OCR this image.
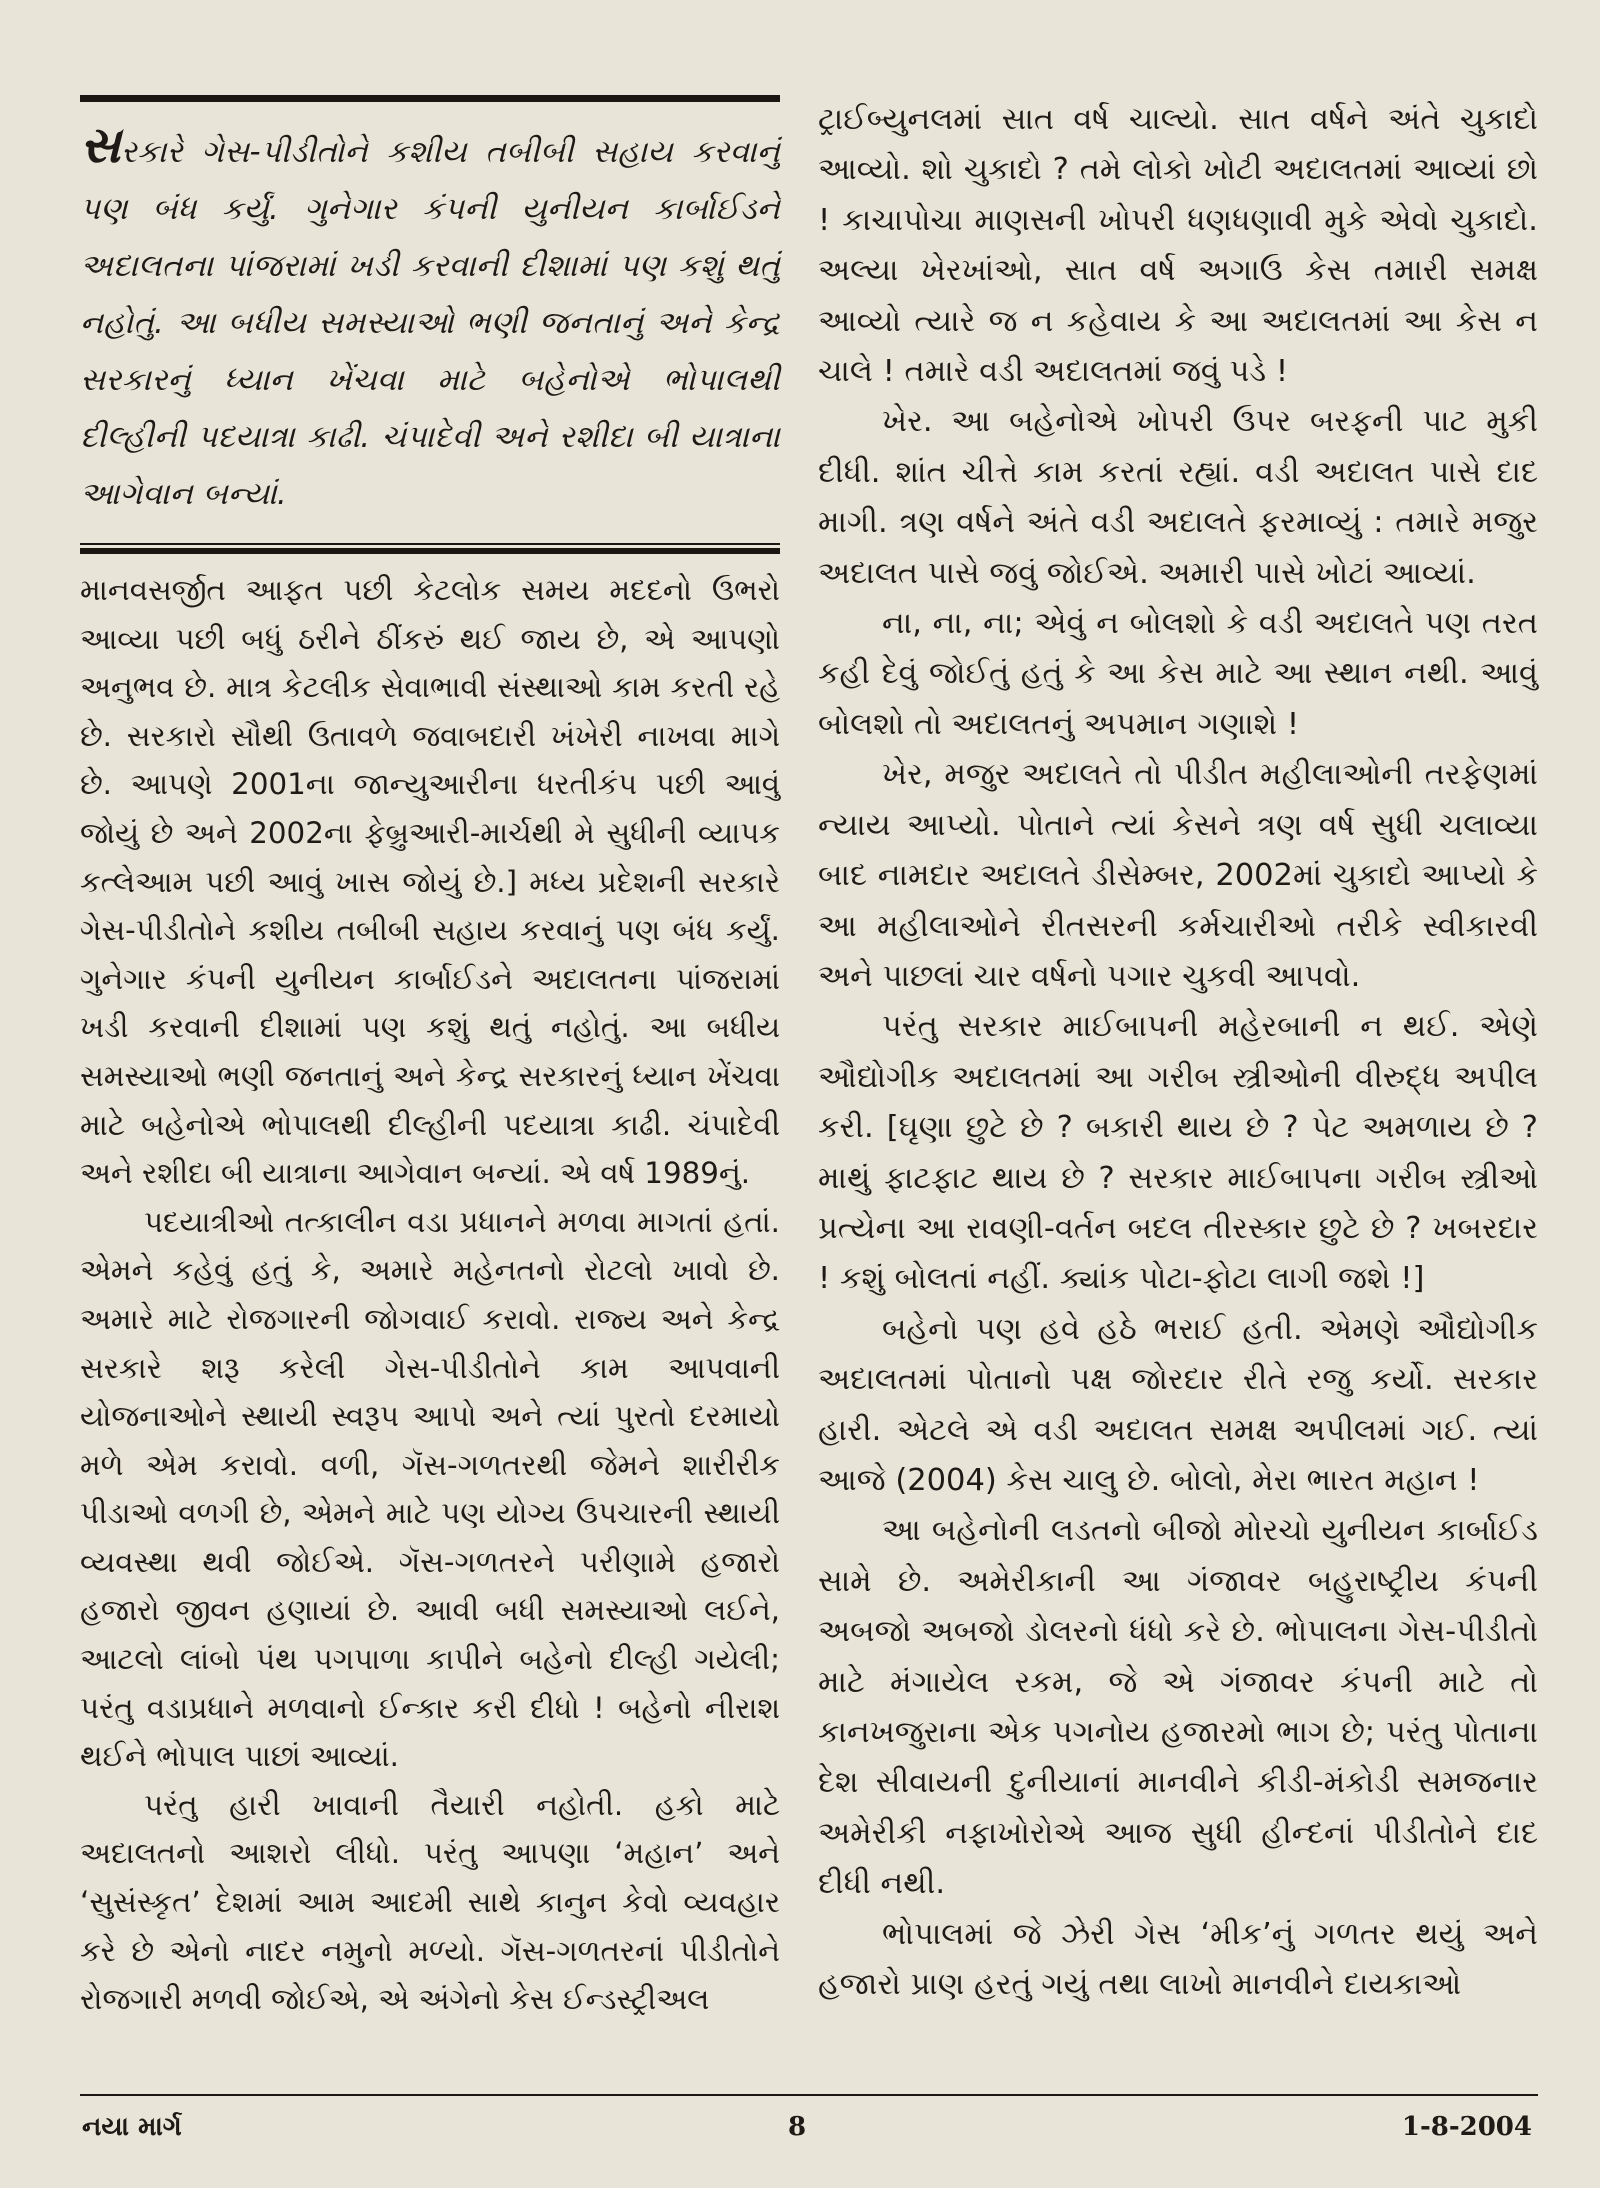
સરકારે ગેસ-પીડીતોને કશીય તબીબી સહાય કરવાનું પણ બંધ કર્યું. ગુનેગાર કંપની યુનીયન કાર્બાઈડને અદાલતના પાંજરામાં ખડી કરવાની દીશામાં પણ કશું થતું નહોતું. આ બધીય સમસ્યાઓ ભણી જનતાનું અને કેન્દ્ર સરકારનું ધ્યાન ખેંચવા માટે બહેનોએ ભોપાલથી દીલ્હીની પદયાત્રા કાઢી. ચંપાદેવી અને રશીદા બી યાત્રાના આગેવાન બન્યાં.

માનવસર્જીત આફત પછી કેટલોક સમય મદદનો ઉભરો આવ્યા પછી બધું ઠરીને ઠીંકરું થઈ જાય છે, એ આપણો અનુભવ છે. માત્ર કેટલીક સેવાભાવી સંસ્થાઓ કામ કરતી રહે છે. સરકારો સૌથી ઉતાવળે જવાબદારી ખંખેરી નાખવા માગે છે. આપણે 2001ના જાન્યુઆરીના ધરતીકંપ પછી આવું જોયું છે અને 2002ના ફેબ્રુઆરી-માર્ચથી મે સુધીની વ્યાપક કત્લેઆમ પછી આવું ખાસ જોયું છે.] મધ્ય પ્રદેશની સરકારે ગેસ-પીડીતોને કશીય તબીબી સહાય કરવાનું પણ બંધ કર્યું. ગુનેગાર કંપની યુનીયન કાર્બાઈડને અદાલતના પાંજરામાં ખડી કરવાની દીશામાં પણ કશું થતું નહોતું. આ બધીય સમસ્યાઓ ભણી જનતાનું અને કેન્દ્ર સરકારનું ધ્યાન ખેંચવા માટે બહેનોએ ભોપાલથી દીલ્હીની પદયાત્રા કાઢી. ચંપાદેવી અને રશીદા બી યાત્રાના આગેવાન બન્યાં. એ વર્ષ 1989નું.

પદયાત્રીઓ તત્કાલીન વડા પ્રધાનને મળવા માગતાં હતાં. એમને કહેવું હતું કે, અમારે મહેનતનો રોટલો ખાવો છે. અમારે માટે રોજગારની જોગવાઈ કરાવો. રાજ્ય અને કેન્દ્ર સરકારે શરૂ કરેલી ગેસ-પીડીતોને કામ આપવાની યોજનાઓને સ્થાયી સ્વરૂપ આપો અને ત્યાં પુરતો દરમાયો મળે એમ કરાવો. વળી, ગૅસ-ગળતરથી જેમને શારીરીક પીડાઓ વળગી છે, એમને માટે પણ યોગ્ય ઉપચારની સ્થાયી વ્યવસ્થા થવી જોઈએ. ગૅસ-ગળતરને પરીણામે હજારો હજારો જીવન હણાયાં છે. આવી બધી સમસ્યાઓ લઈને, આટલો લાંબો પંથ પગપાળા કાપીને બહેનો દીલ્હી ગયેલી; પરંતુ વડાપ્રધાને મળવાનો ઈન્કાર કરી દીધો ! બહેનો નીરાશ થઈને ભોપાલ પાછાં આવ્યાં.

પરંતુ હારી ખાવાની તૈયારી નહોતી. હકો માટે અદાલતનો આશરો લીધો. પરંતુ આપણા ‘મહાન’ અને ‘સુસંસ્કૃત’ દેશમાં આમ આદમી સાથે કાનુન કેવો વ્યવહાર કરે છે એનો નાદર નમુનો મળ્યો. ગૅસ-ગળતરનાં પીડીતોને રોજગારી મળવી જોઈએ, એ અંગેનો કેસ ઈન્ડસ્ટ્રીઅલ

ટ્રાઈબ્યુનલમાં સાત વર્ષ ચાલ્યો. સાત વર્ષને અંતે ચુકાદો આવ્યો. શો ચુકાદો ? તમે લોકો ખોટી અદાલતમાં આવ્યાં છો ! કાચાપોચા માણસની ખોપરી ધણધણાવી મુકે એવો ચુકાદો. અલ્યા ખેરખાંઓ, સાત વર્ષ અગાઉ કેસ તમારી સમક્ષ આવ્યો ત્યારે જ ન કહેવાય કે આ અદાલતમાં આ કેસ ન ચાલે ! તમારે વડી અદાલતમાં જવું પડે !

ખેર. આ બહેનોએ ખોપરી ઉપર બરફની પાટ મુકી દીધી. શાંત ચીત્તે કામ કરતાં રહ્યાં. વડી અદાલત પાસે દાદ માગી. ત્રણ વર્ષને અંતે વડી અદાલતે ફરમાવ્યું : તમારે મજુર અદાલત પાસે જવું જોઈએ. અમારી પાસે ખોટાં આવ્યાં.

ના, ના, ના; એવું ન બોલશો કે વડી અદાલતે પણ તરત કહી દેવું જોઈતું હતું કે આ કેસ માટે આ સ્થાન નથી. આવું બોલશો તો અદાલતનું અપમાન ગણાશે !

ખેર, મજુર અદાલતે તો પીડીત મહીલાઓની તરફેણમાં ન્યાય આપ્યો. પોતાને ત્યાં કેસને ત્રણ વર્ષ સુધી ચલાવ્યા બાદ નામદાર અદાલતે ડીસેમ્બર, 2002માં ચુકાદો આપ્યો કે આ મહીલાઓને રીતસરની કર્મચારીઓ તરીકે સ્વીકારવી અને પાછલાં ચાર વર્ષનો પગાર ચુકવી આપવો.

પરંતુ સરકાર માઈબાપની મહેરબાની ન થઈ. એણે ઔદ્યોગીક અદાલતમાં આ ગરીબ સ્ત્રીઓની વીરુદ્ધ અપીલ કરી. [ઘૃણા છુટે છે ? બકારી થાય છે ? પેટ અમળાય છે ? માથું ફાટફાટ થાય છે ? સરકાર માઈબાપના ગરીબ સ્ત્રીઓ પ્રત્યેના આ રાવણી-વર્તન બદલ તીરસ્કાર છુટે છે ? ખબરદાર ! કશું બોલતાં નહીં. ક્યાંક પોટા-ફોટા લાગી જશે !]

બહેનો પણ હવે હઠે ભરાઈ હતી. એમણે ઔદ્યોગીક અદાલતમાં પોતાનો પક્ષ જોરદાર રીતે રજુ કર્યો. સરકાર હારી. એટલે એ વડી અદાલત સમક્ષ અપીલમાં ગઈ. ત્યાં આજે (2004) કેસ ચાલુ છે. બોલો, મેરા ભારત મહાન !

આ બહેનોની લડતનો બીજો મોરચો યુનીયન કાર્બાઈડ સામે છે. અમેરીકાની આ ગંજાવર બહુરાષ્ટ્રીય કંપની અબજો અબજો ડોલરનો ધંધો કરે છે. ભોપાલના ગેસ-પીડીતો માટે મંગાયેલ રકમ, જે એ ગંજાવર કંપની માટે તો કાનખજુરાના એક પગનોય હજારમો ભાગ છે; પરંતુ પોતાના દેશ સીવાયની દુનીયાનાં માનવીને કીડી-મંકોડી સમજનાર અમેરીકી નફાખોરોએ આજ સુધી હીન્દનાં પીડીતોને દાદ દીધી નથી.

ભોપાલમાં જે ઝેરી ગેસ ‘મીક’નું ગળતર થયું અને હજારો પ્રાણ હરતું ગયું તથા લાખો માનવીને દાયકાઓ

નયા માર્ગ	8	1-8-2004
